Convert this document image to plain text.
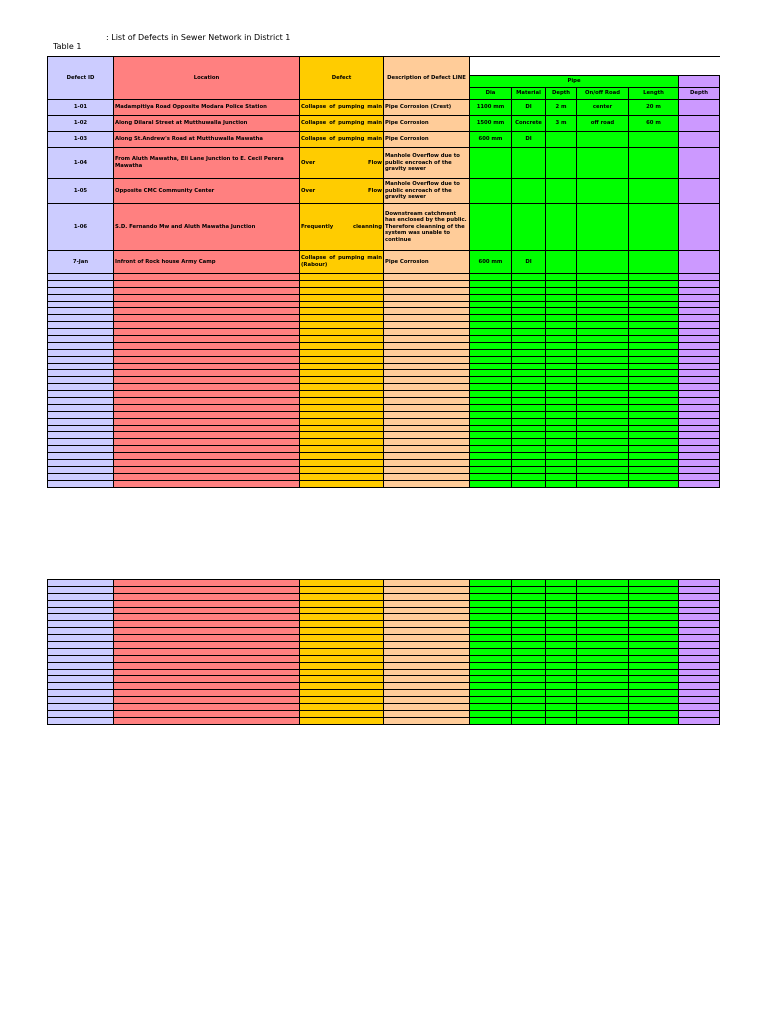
Table 1

: List of Defects in Sewer Network in District 1

Defect ID	Location	Defect	Description of Defect LINE						
				Pipe					
				Dia	Material	Depth	On/off Road	Length	Depth
1-01	Madampitiya Road Opposite Modara Police Station	Collapse of pumping main	Pipe Corrosion (Crest)	1100 mm	DI	2 m	center	20 m	
1-02	Along Dilaral Street at Mutthuwalla Junction	Collapse of pumping main	Pipe Corrosion	1500 mm	Concrete	3 m	off road	60 m	
1-03	Along St.Andrew's Road at Mutthuwalla Mawatha	Collapse of pumping main	Pipe Corrosion	600 mm	DI				
1-04	From Aluth Mawatha, Eli Lane Junction to E. Cecil Perera Mawatha	Over Flow	Manhole Overflow due to public encroach of the gravity sewer						
1-05	Opposite CMC Community Center	Over Flow	Manhole Overflow due to public encroach of the gravity sewer						
1-06	S.D. Fernando Mw and Aluth Mawatha Junction	Frequently cleanning	Downstream catchment has enclosed by the public. Therefore cleanning of the system was unable to continue						
7-Jan	Infront of Rock house Army Camp	Collapse of pumping main (Rabour)	Pipe Corrosion	600 mm	DI				
